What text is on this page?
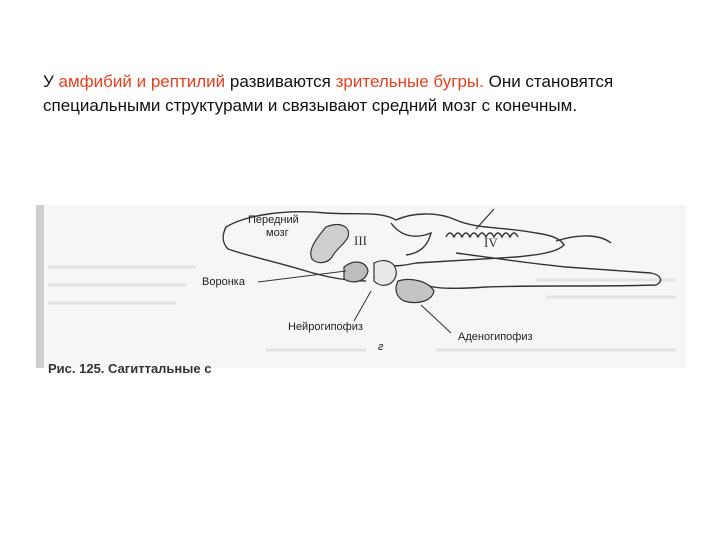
У амфибий и рептилий развиваются зрительные бугры. Они становятся специальными структурами и связывают средний мозг с конечным.
Передний
мозг	III	IV
Воронка
Нейрогипофиз
Аденогипофиз
г
Рис. 125. Сагиттальные с
